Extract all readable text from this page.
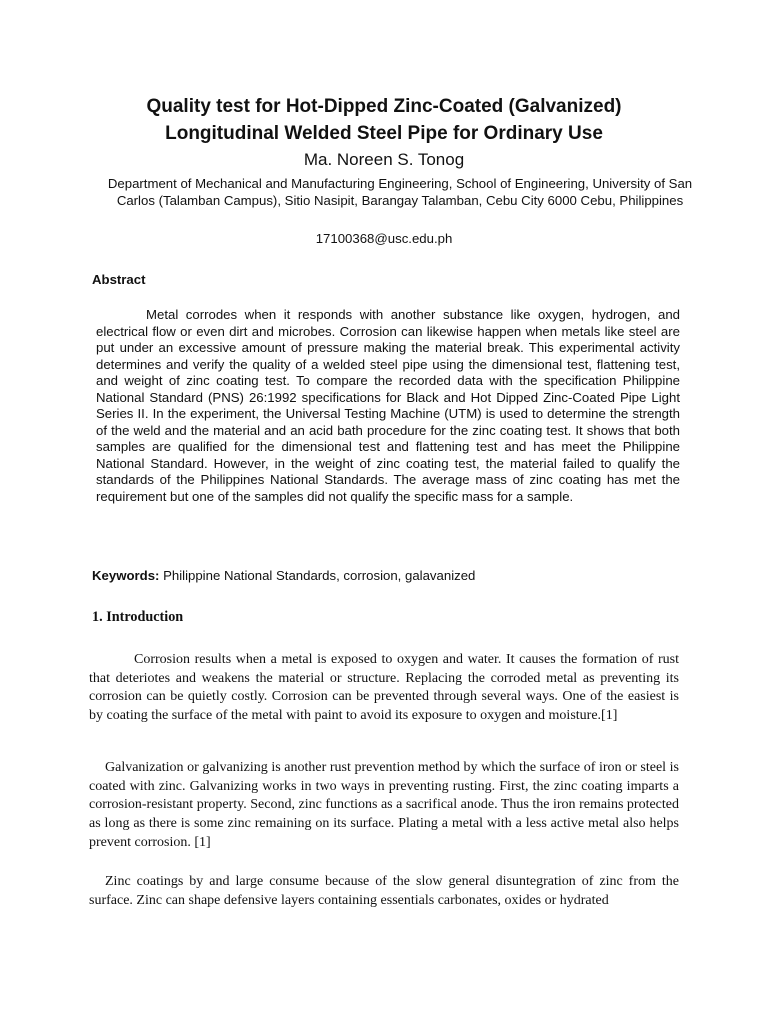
Quality test for Hot-Dipped Zinc-Coated (Galvanized)
Longitudinal Welded Steel Pipe for Ordinary Use
Ma. Noreen S. Tonog
Department of Mechanical and Manufacturing Engineering, School of Engineering, University of San Carlos (Talamban Campus), Sitio Nasipit, Barangay Talamban, Cebu City 6000 Cebu, Philippines
17100368@usc.edu.ph
Abstract

Metal corrodes when it responds with another substance like oxygen, hydrogen, and electrical flow or even dirt and microbes. Corrosion can likewise happen when metals like steel are put under an excessive amount of pressure making the material break. This experimental activity determines and verify the quality of a welded steel pipe using the dimensional test, flattening test, and weight of zinc coating test. To compare the recorded data with the specification Philippine National Standard (PNS) 26:1992 specifications for Black and Hot Dipped Zinc-Coated Pipe Light Series II. In the experiment, the Universal Testing Machine (UTM) is used to determine the strength of the weld and the material and an acid bath procedure for the zinc coating test. It shows that both samples are qualified for the dimensional test and flattening test and has meet the Philippine National Standard. However, in the weight of zinc coating test, the material failed to qualify the standards of the Philippines National Standards. The average mass of zinc coating has met the requirement but one of the samples did not qualify the specific mass for a sample.

Keywords: Philippine National Standards, corrosion, galavanized
1. Introduction

Corrosion results when a metal is exposed to oxygen and water. It causes the formation of rust that deteriotes and weakens the material or structure. Replacing the corroded metal as preventing its corrosion can be quietly costly. Corrosion can be prevented through several ways. One of the easiest is by coating the surface of the metal with paint to avoid its exposure to oxygen and moisture.[1]

Galvanization or galvanizing is another rust prevention method by which the surface of iron or steel is coated with zinc. Galvanizing works in two ways in preventing rusting. First, the zinc coating imparts a corrosion-resistant property. Second, zinc functions as a sacrifical anode. Thus the iron remains protected as long as there is some zinc remaining on its surface. Plating a metal with a less active metal also helps prevent corrosion. [1]

Zinc coatings by and large consume because of the slow general disuntegration of zinc from the surface. Zinc can shape defensive layers containing essentials carbonates, oxides or hydrated
